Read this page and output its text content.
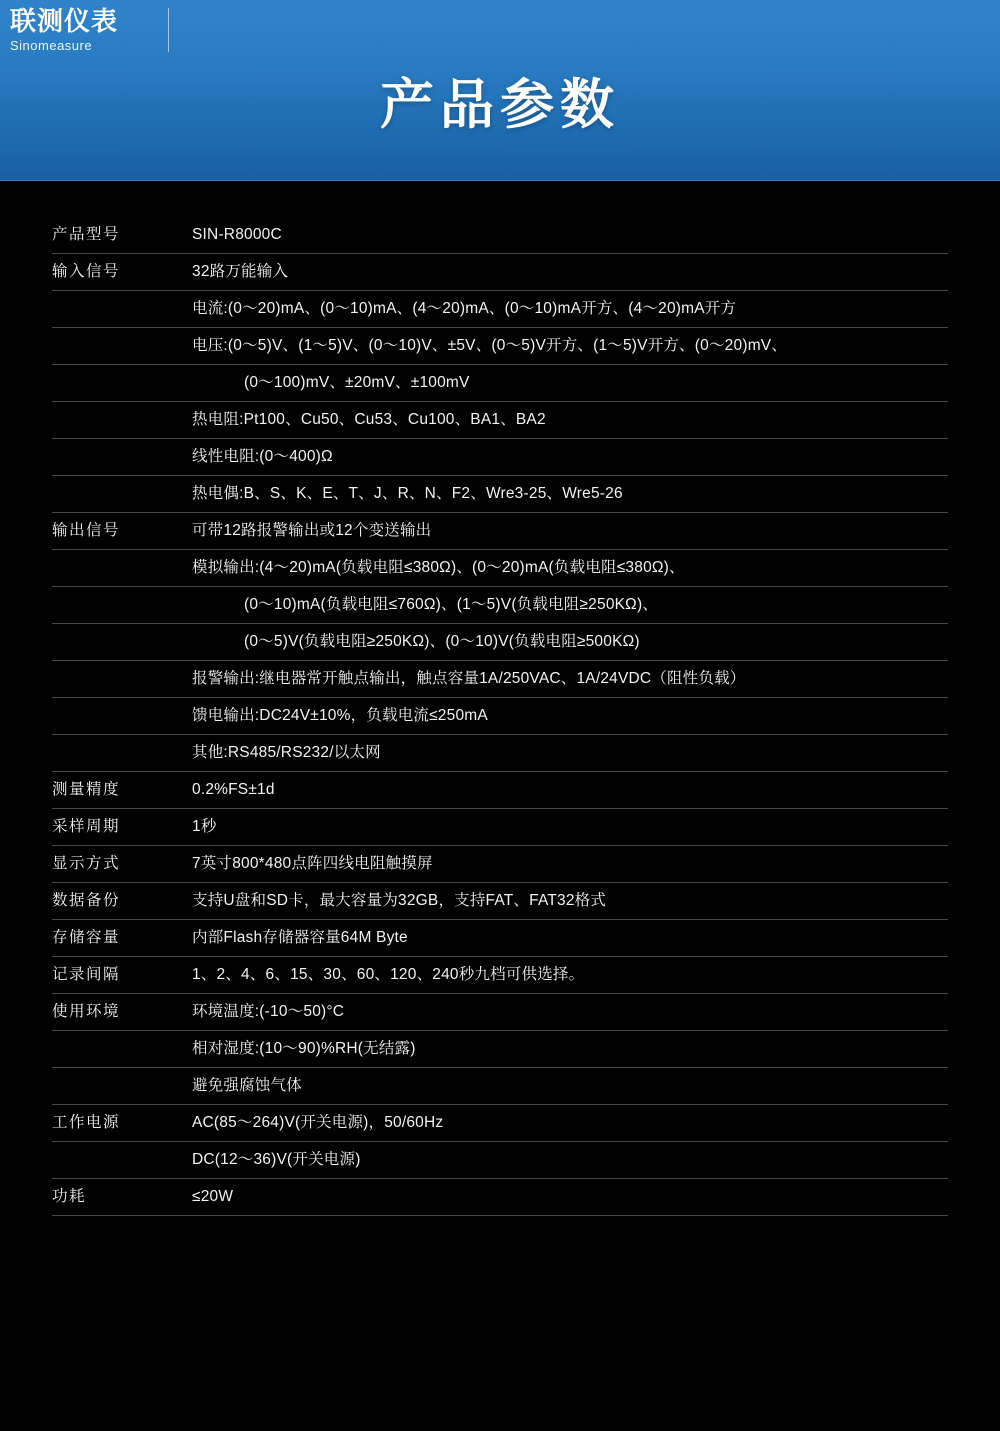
联测仪表
Sinomeasure
产品参数
产品型号	SIN-R8000C
输入信号	32路万能输入
	电流:(0～20)mA、(0～10)mA、(4～20)mA、(0～10)mA开方、(4～20)mA开方
	电压:(0～5)V、(1～5)V、(0～10)V、±5V、(0～5)V开方、(1～5)V开方、(0～20)mV、
	(0～100)mV、±20mV、±100mV
	热电阻:Pt100、Cu50、Cu53、Cu100、BA1、BA2
	线性电阻:(0～400)Ω
	热电偶:B、S、K、E、T、J、R、N、F2、Wre3-25、Wre5-26
输出信号	可带12路报警输出或12个变送输出
	模拟输出:(4～20)mA(负载电阻≤380Ω)、(0～20)mA(负载电阻≤380Ω)、
	(0～10)mA(负载电阻≤760Ω)、(1～5)V(负载电阻≥250KΩ)、
	(0～5)V(负载电阻≥250KΩ)、(0～10)V(负载电阻≥500KΩ)
	报警输出:继电器常开触点输出，触点容量1A/250VAC、1A/24VDC（阻性负载）
	馈电输出:DC24V±10%，负载电流≤250mA
	其他:RS485/RS232/以太网
测量精度	0.2%FS±1d
采样周期	1秒
显示方式	7英寸800*480点阵四线电阻触摸屏
数据备份	支持U盘和SD卡，最大容量为32GB，支持FAT、FAT32格式
存储容量	内部Flash存储器容量64M Byte
记录间隔	1、2、4、6、15、30、60、120、240秒九档可供选择。
使用环境	环境温度:(-10～50)°C
	相对湿度:(10～90)%RH(无结露)
	避免强腐蚀气体
工作电源	AC(85～264)V(开关电源)，50/60Hz
	DC(12～36)V(开关电源)
功耗	≤20W
